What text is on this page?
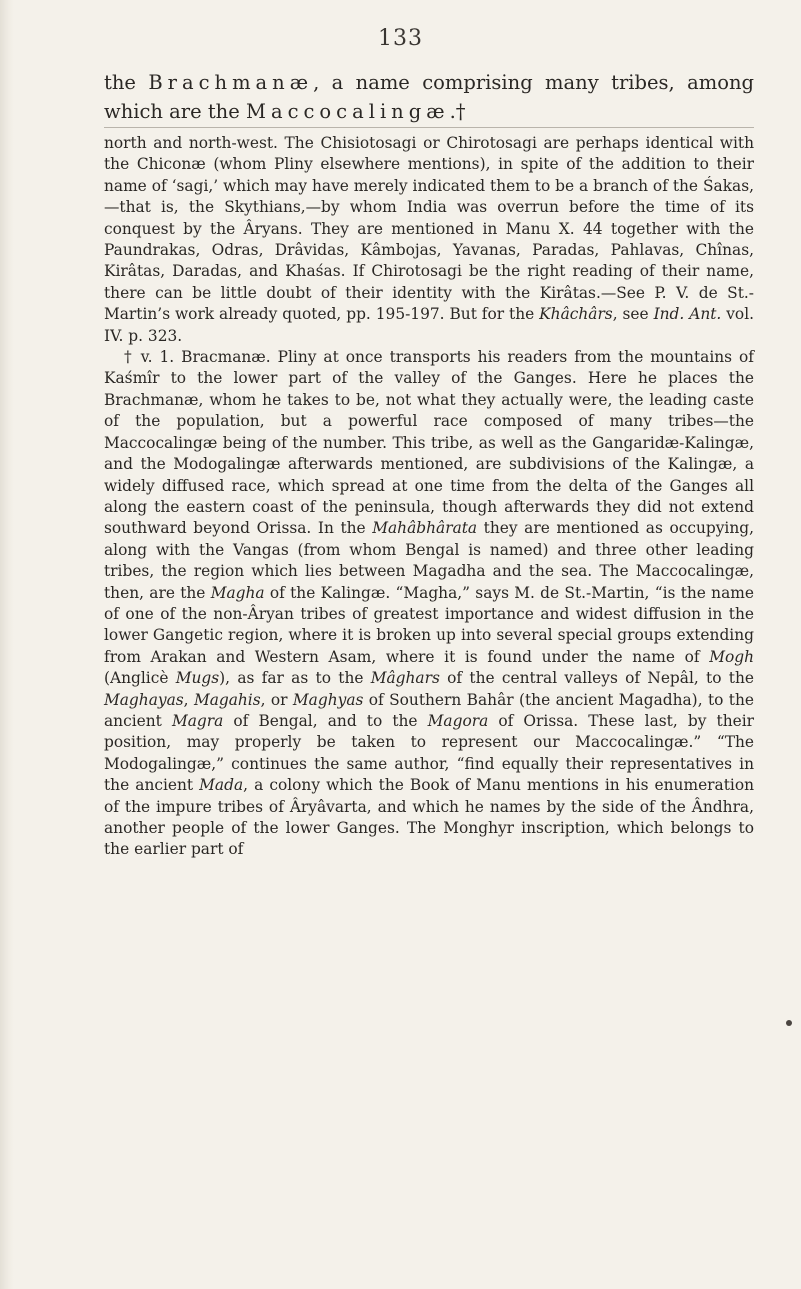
133

the Brachmanæ, a name comprising many tribes, among which are the Maccocalingæ.†

north and north-west. The Chisiotosagi or Chirotosagi are perhaps identical with the Chiconæ (whom Pliny elsewhere mentions), in spite of the addition to their name of ‘sagi,’ which may have merely indicated them to be a branch of the Śakas,—that is, the Skythians,—by whom India was overrun before the time of its conquest by the Âryans. They are mentioned in Manu X. 44 together with the Paundrakas, Odras, Drâvidas, Kâmbojas, Yavanas, Paradas, Pahlavas, Chînas, Kirâtas, Daradas, and Khaśas. If Chirotosagi be the right reading of their name, there can be little doubt of their identity with the Kirâtas.—See P. V. de St.-Martin’s work already quoted, pp. 195-197. But for the Khâchârs, see Ind. Ant. vol. IV. p. 323.

† v. 1. Bracmanæ. Pliny at once transports his readers from the mountains of Kaśmîr to the lower part of the valley of the Ganges. Here he places the Brachmanæ, whom he takes to be, not what they actually were, the leading caste of the population, but a powerful race composed of many tribes—the Maccocalingæ being of the number. This tribe, as well as the Gangaridæ-Kalingæ, and the Modogalingæ afterwards mentioned, are subdivisions of the Kalingæ, a widely diffused race, which spread at one time from the delta of the Ganges all along the eastern coast of the peninsula, though afterwards they did not extend southward beyond Orissa. In the Mahâbhârata they are mentioned as occupying, along with the Vangas (from whom Bengal is named) and three other leading tribes, the region which lies between Magadha and the sea. The Maccocalingæ, then, are the Magha of the Kalingæ. “Magha,” says M. de St.-Martin, “is the name of one of the non-Âryan tribes of greatest importance and widest diffusion in the lower Gangetic region, where it is broken up into several special groups extending from Arakan and Western Asam, where it is found under the name of Mogh (Anglicè Mugs), as far as to the Mâghars of the central valleys of Nepâl, to the Maghayas, Magahis, or Maghyas of Southern Bahâr (the ancient Magadha), to the ancient Magra of Bengal, and to the Magora of Orissa. These last, by their position, may properly be taken to represent our Maccocalingæ.” “The Modogalingæ,” continues the same author, “find equally their representatives in the ancient Mada, a colony which the Book of Manu mentions in his enumeration of the impure tribes of Âryâvarta, and which he names by the side of the Ândhra, another people of the lower Ganges. The Monghyr inscription, which belongs to the earlier part of
